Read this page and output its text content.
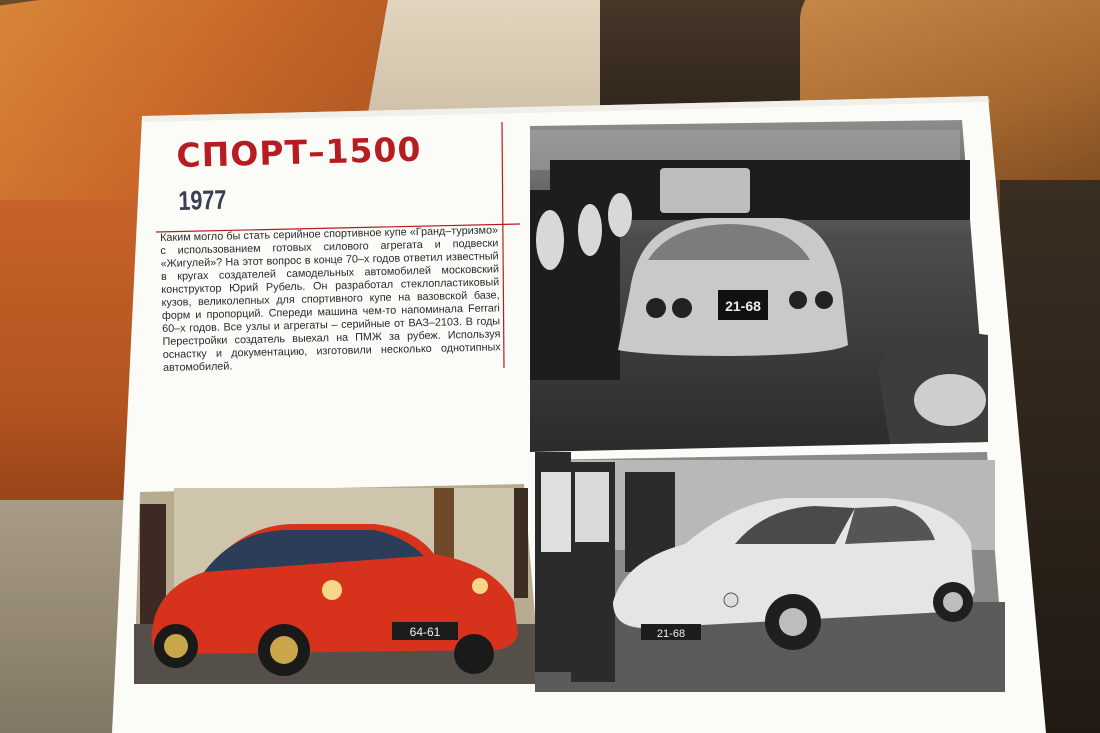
СПОРТ–1500
1977

Каким могло бы стать серийное спортивное купе «Гранд–туризмо» с использованием готовых силового агрегата и подвески «Жигулей»? На этот вопрос в конце 70–х годов ответил известный в кругах создателей самодельных автомобилей московский конструктор Юрий Рубель. Он разработал стеклопластиковый кузов, великолепных для спортивного купе на вазовской базе, форм и пропорций. Спереди машина чем-то напоминала Ferrari 60–х годов. Все узлы и агрегаты – серийные от ВАЗ–2103. В годы Перестройки создатель выехал на ПМЖ за рубеж. Используя оснастку и документацию, изготовили несколько однотипных автомобилей.

21-68
64-61	21-68
